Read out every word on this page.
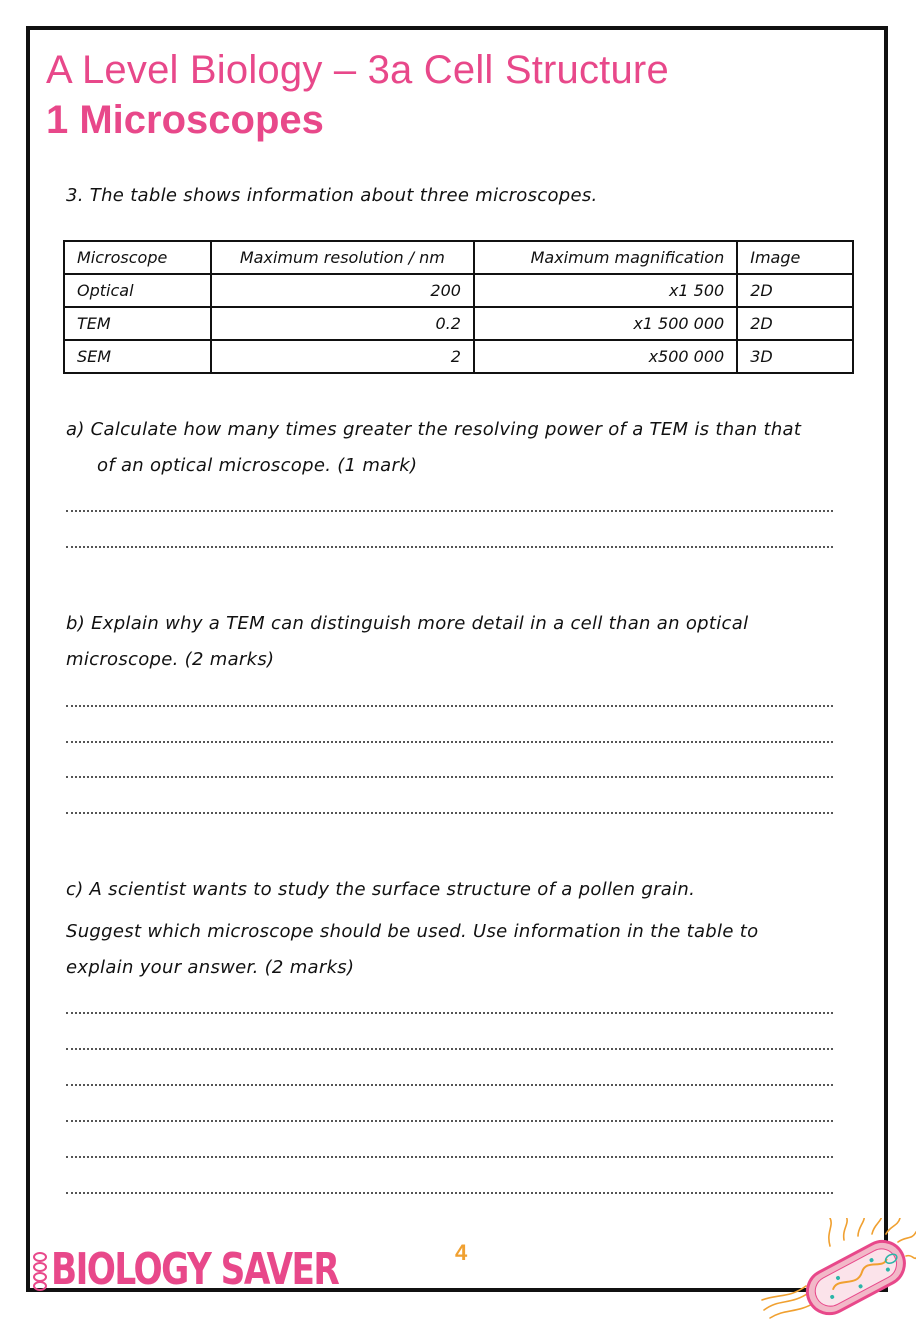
A Level Biology – 3a Cell Structure
1 Microscopes
3. The table shows information about three microscopes.
Microscope	Maximum resolution / nm	Maximum magnification	Image
Optical	200	x1 500	2D
TEM	0.2	x1 500 000	2D
SEM	2	x500 000	3D
a) Calculate how many times greater the resolving power of a TEM is than that
of an optical microscope. (1 mark)
b) Explain why a TEM can distinguish more detail in a cell than an optical
microscope. (2 marks)
c) A scientist wants to study the surface structure of a pollen grain.
Suggest which microscope should be used. Use information in the table to
explain your answer. (2 marks)
BIOLOGY SAVER	4
